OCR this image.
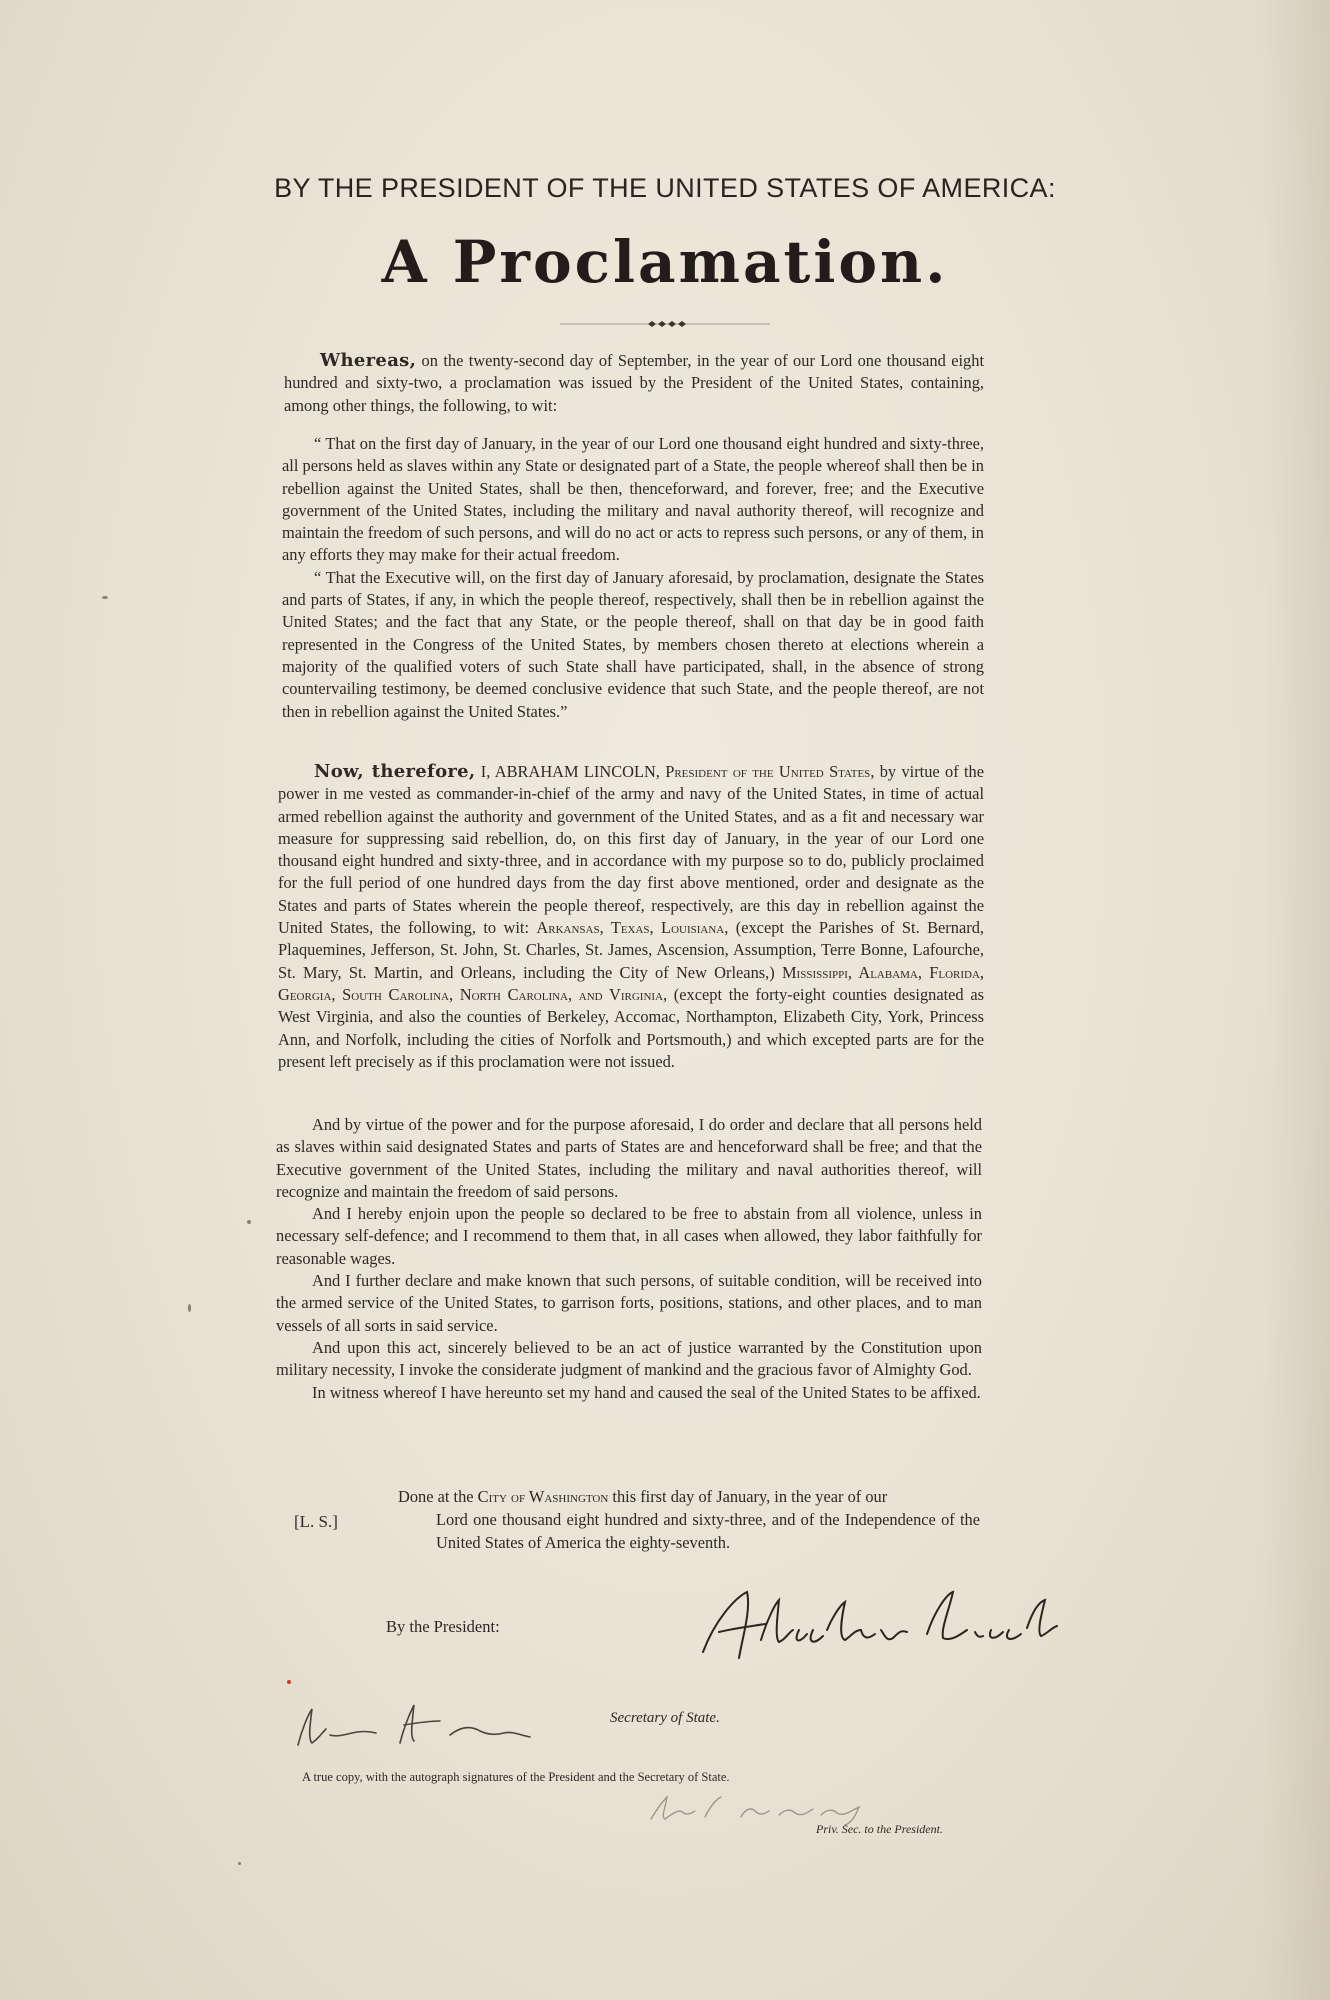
BY THE PRESIDENT OF THE UNITED STATES OF AMERICA:
A Proclamation.

Whereas, on the twenty-second day of September, in the year of our Lord one thousand eight hundred and sixty-two, a proclamation was issued by the President of the United States, containing, among other things, the following, to wit:

“ That on the first day of January, in the year of our Lord one thousand eight hundred and sixty-three, all persons held as slaves within any State or designated part of a State, the people whereof shall then be in rebellion against the United States, shall be then, thenceforward, and forever, free; and the Executive government of the United States, including the military and naval authority thereof, will recognize and maintain the freedom of such persons, and will do no act or acts to repress such persons, or any of them, in any efforts they may make for their actual freedom.

“ That the Executive will, on the first day of January aforesaid, by proclamation, designate the States and parts of States, if any, in which the people thereof, respectively, shall then be in rebellion against the United States; and the fact that any State, or the people thereof, shall on that day be in good faith represented in the Congress of the United States, by members chosen thereto at elections wherein a majority of the qualified voters of such State shall have participated, shall, in the absence of strong countervailing testimony, be deemed conclusive evidence that such State, and the people thereof, are not then in rebellion against the United States.”

Now, therefore, I, ABRAHAM LINCOLN, President of the United States, by virtue of the power in me vested as commander-in-chief of the army and navy of the United States, in time of actual armed rebellion against the authority and government of the United States, and as a fit and necessary war measure for suppressing said rebellion, do, on this first day of January, in the year of our Lord one thousand eight hundred and sixty-three, and in accordance with my purpose so to do, publicly proclaimed for the full period of one hundred days from the day first above mentioned, order and designate as the States and parts of States wherein the people thereof, respectively, are this day in rebellion against the United States, the following, to wit: Arkansas, Texas, Louisiana, (except the Parishes of St. Bernard, Plaquemines, Jefferson, St. John, St. Charles, St. James, Ascension, Assumption, Terre Bonne, Lafourche, St. Mary, St. Martin, and Orleans, including the City of New Orleans,) Mississippi, Alabama, Florida, Georgia, South Carolina, North Carolina, and Virginia, (except the forty-eight counties designated as West Virginia, and also the counties of Berkeley, Accomac, Northampton, Elizabeth City, York, Princess Ann, and Norfolk, including the cities of Norfolk and Portsmouth,) and which excepted parts are for the present left precisely as if this proclamation were not issued.

And by virtue of the power and for the purpose aforesaid, I do order and declare that all persons held as slaves within said designated States and parts of States are and henceforward shall be free; and that the Executive government of the United States, including the military and naval authorities thereof, will recognize and maintain the freedom of said persons.

And I hereby enjoin upon the people so declared to be free to abstain from all violence, unless in necessary self-defence; and I recommend to them that, in all cases when allowed, they labor faithfully for reasonable wages.

And I further declare and make known that such persons, of suitable condition, will be received into the armed service of the United States, to garrison forts, positions, stations, and other places, and to man vessels of all sorts in said service.

And upon this act, sincerely believed to be an act of justice warranted by the Constitution upon military necessity, I invoke the considerate judgment of mankind and the gracious favor of Almighty God.

In witness whereof I have hereunto set my hand and caused the seal of the United States to be affixed.

[L. S.]
Done at the City of Washington this first day of January, in the year of our
Lord one thousand eight hundred and sixty-three, and of the Independence of the United States of America the eighty-seventh.
By the President:
Secretary of State.
A true copy, with the autograph signatures of the President and the Secretary of State.
Priv. Sec. to the President.
